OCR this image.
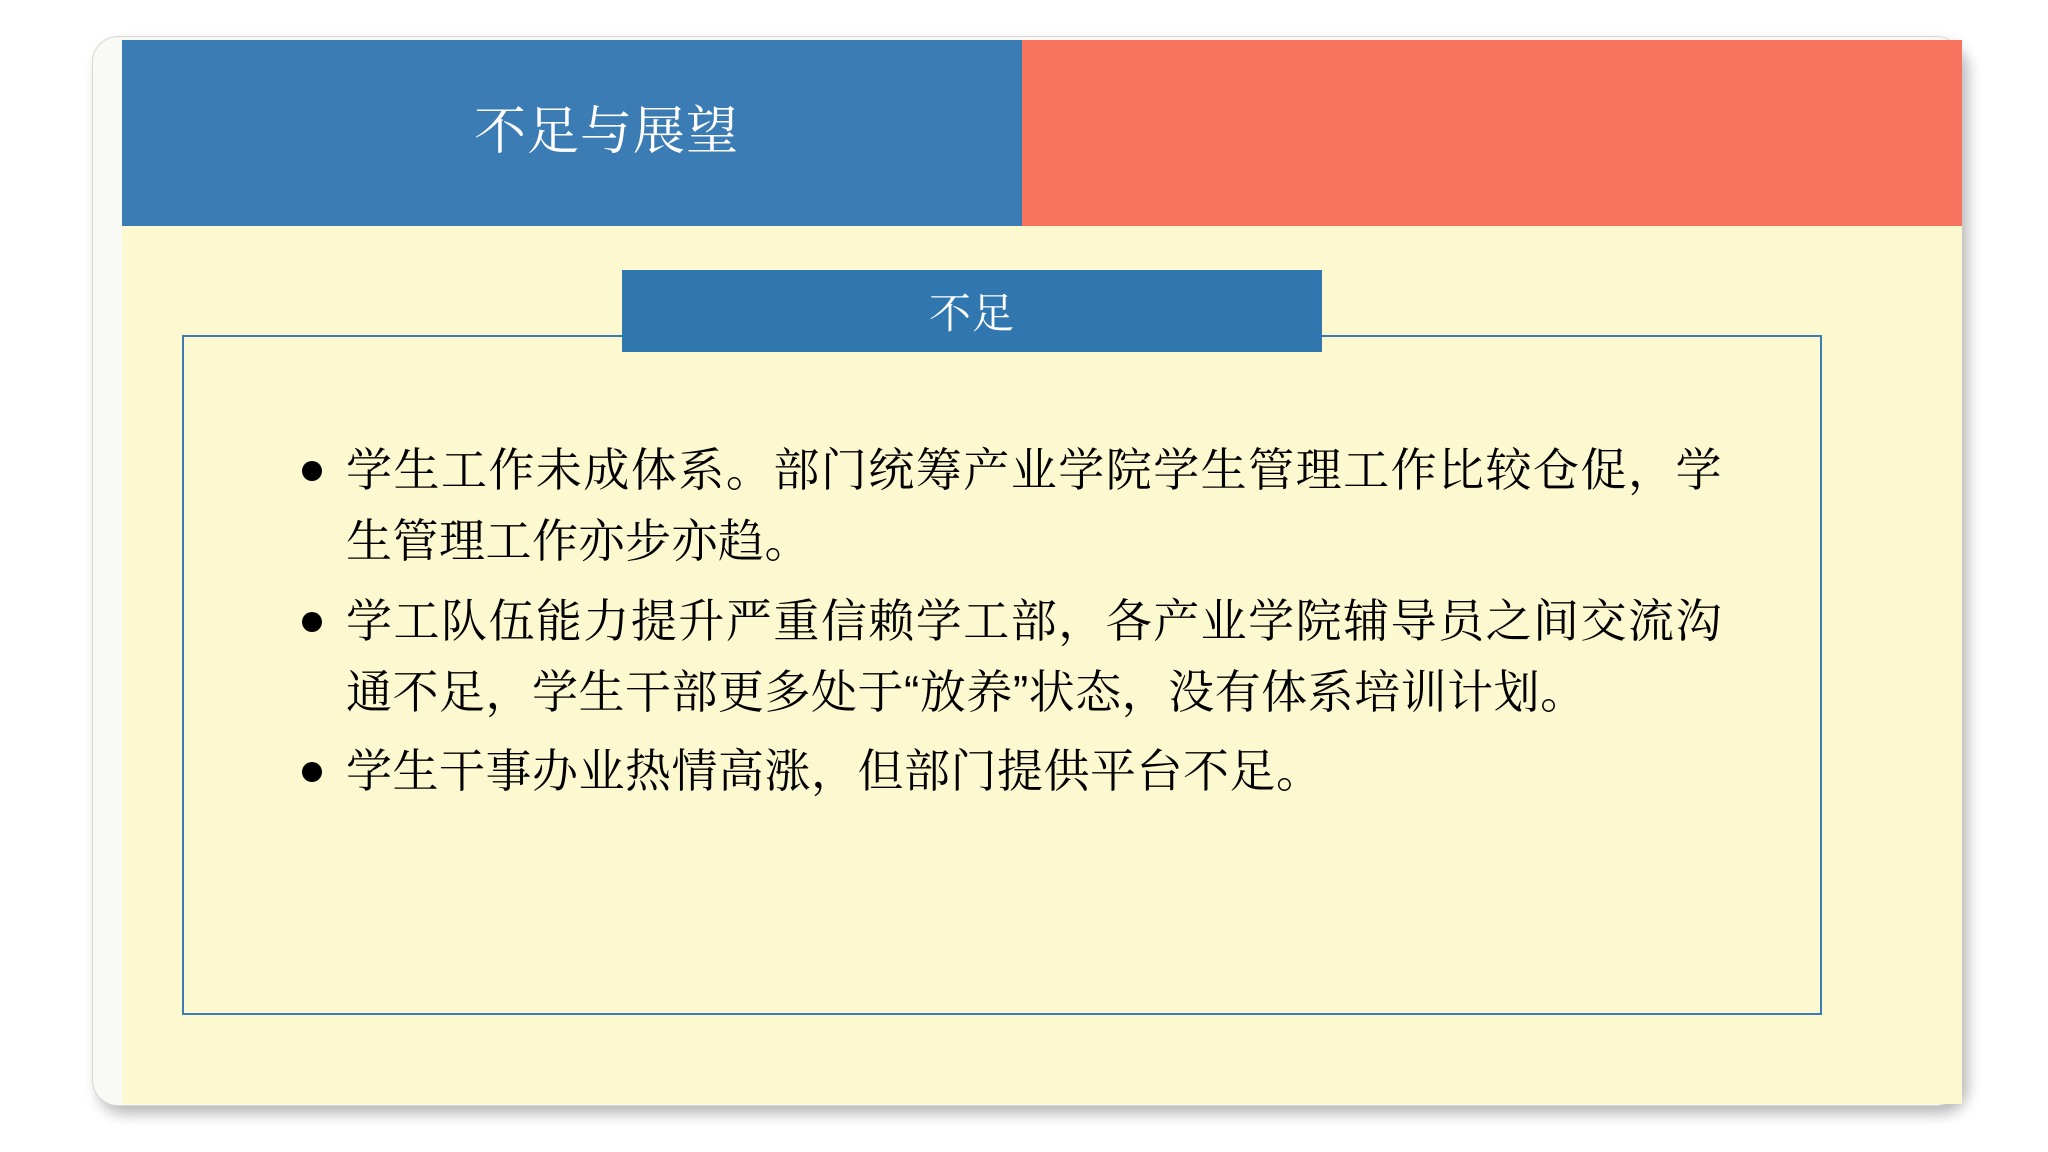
不足与展望
不足
学生工作未成体系。部门统筹产业学院学生管理工作比较仓促，学生管理工作亦步亦趋。
学工队伍能力提升严重信赖学工部，各产业学院辅导员之间交流沟通不足，学生干部更多处于“放养”状态，没有体系培训计划。
学生干事办业热情高涨，但部门提供平台不足。
